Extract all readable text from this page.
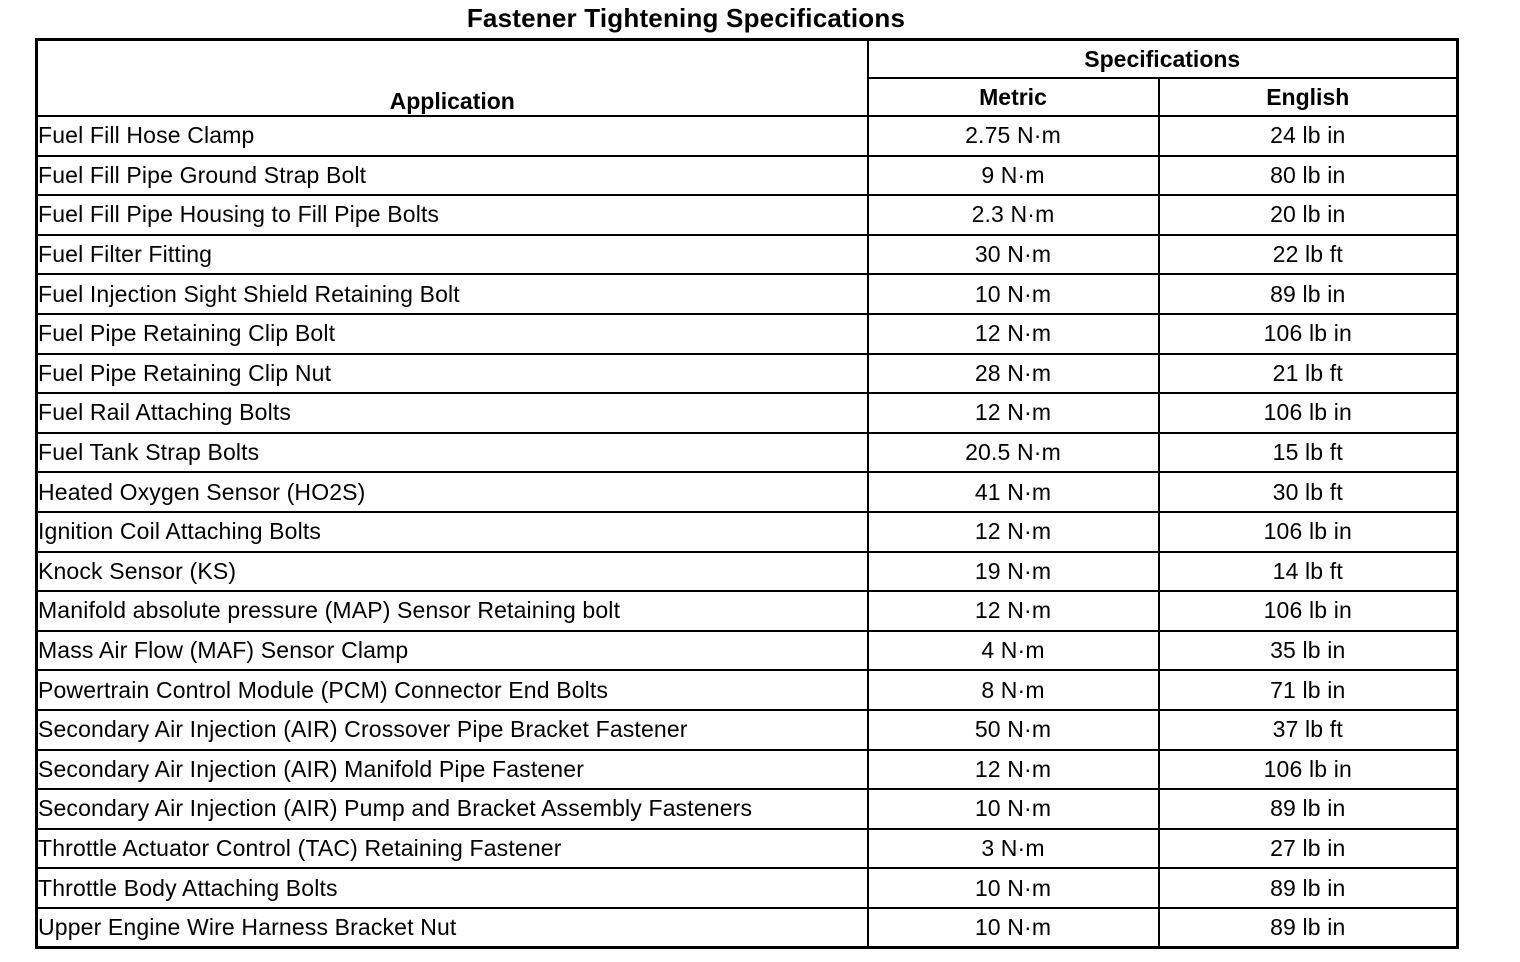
Fastener Tightening Specifications
Application	Specifications	
	Metric	English
Fuel Fill Hose Clamp	2.75 N·m	24 lb in
Fuel Fill Pipe Ground Strap Bolt	9 N·m	80 lb in
Fuel Fill Pipe Housing to Fill Pipe Bolts	2.3 N·m	20 lb in
Fuel Filter Fitting	30 N·m	22 lb ft
Fuel Injection Sight Shield Retaining Bolt	10 N·m	89 lb in
Fuel Pipe Retaining Clip Bolt	12 N·m	106 lb in
Fuel Pipe Retaining Clip Nut	28 N·m	21 lb ft
Fuel Rail Attaching Bolts	12 N·m	106 lb in
Fuel Tank Strap Bolts	20.5 N·m	15 lb ft
Heated Oxygen Sensor (HO2S)	41 N·m	30 lb ft
Ignition Coil Attaching Bolts	12 N·m	106 lb in
Knock Sensor (KS)	19 N·m	14 lb ft
Manifold absolute pressure (MAP) Sensor Retaining bolt	12 N·m	106 lb in
Mass Air Flow (MAF) Sensor Clamp	4 N·m	35 lb in
Powertrain Control Module (PCM) Connector End Bolts	8 N·m	71 lb in
Secondary Air Injection (AIR) Crossover Pipe Bracket Fastener	50 N·m	37 lb ft
Secondary Air Injection (AIR) Manifold Pipe Fastener	12 N·m	106 lb in
Secondary Air Injection (AIR) Pump and Bracket Assembly Fasteners	10 N·m	89 lb in
Throttle Actuator Control (TAC) Retaining Fastener	3 N·m	27 lb in
Throttle Body Attaching Bolts	10 N·m	89 lb in
Upper Engine Wire Harness Bracket Nut	10 N·m	89 lb in
